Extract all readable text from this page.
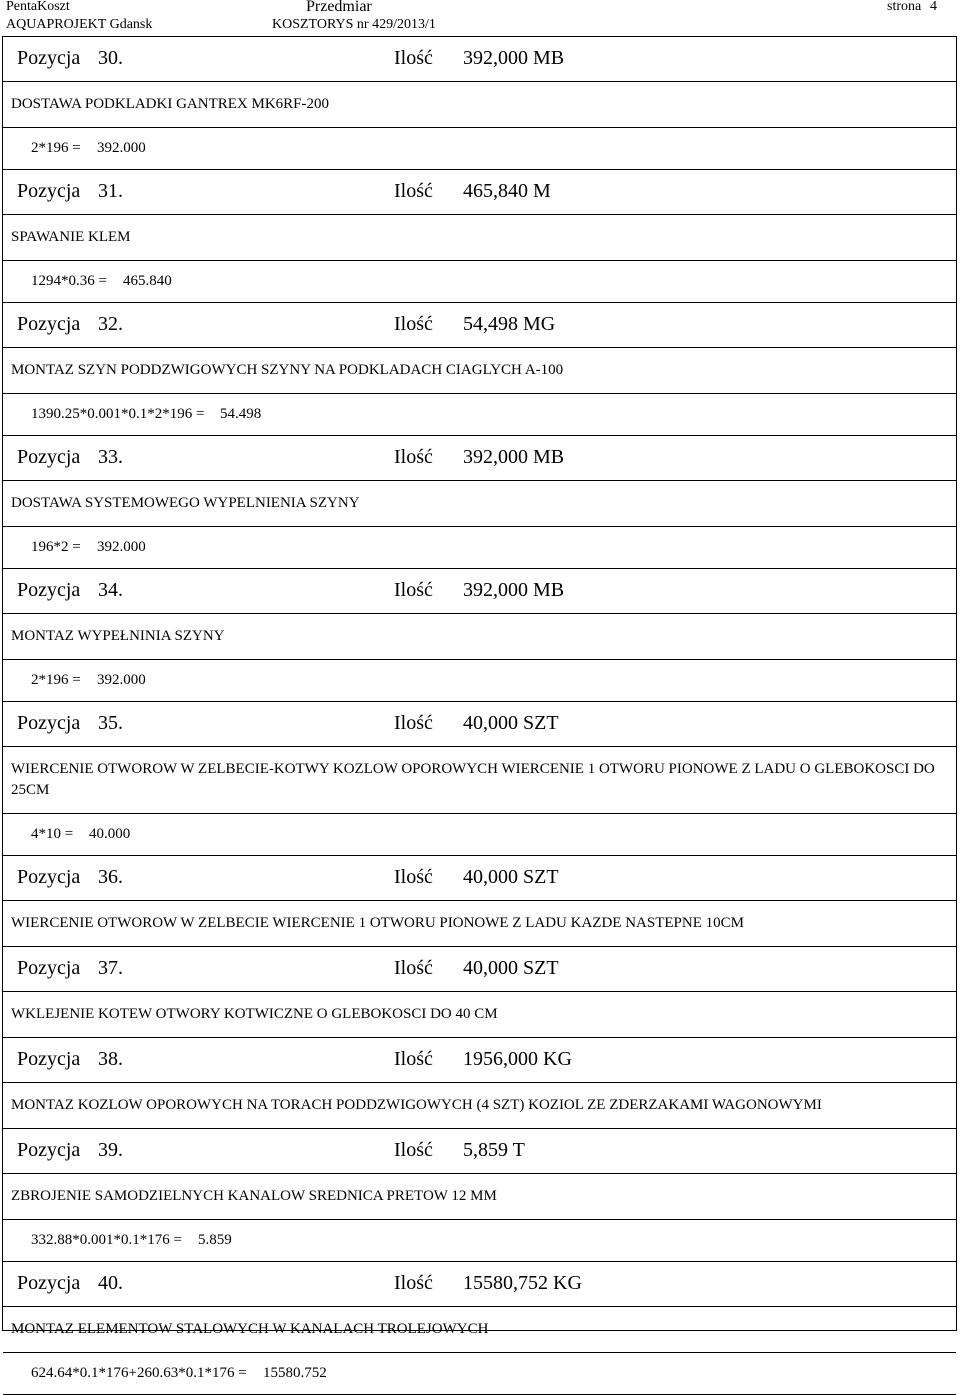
PentaKoszt	Przedmiar	strona 4
AQUAPROJEKT Gdansk	KOSZTORYS nr 429/2013/1
Pozycja 30.	Ilość 392,000 MB
DOSTAWA PODKLADKI GANTREX MK6RF-200
2*196 = 392.000
Pozycja 31.	Ilość 465,840 M
SPAWANIE KLEM
1294*0.36 = 465.840
Pozycja 32.	Ilość 54,498 MG
MONTAZ SZYN PODDZWIGOWYCH SZYNY NA PODKLADACH CIAGLYCH A-100
1390.25*0.001*0.1*2*196 = 54.498
Pozycja 33.	Ilość 392,000 MB
DOSTAWA SYSTEMOWEGO WYPELNIENIA SZYNY
196*2 = 392.000
Pozycja 34.	Ilość 392,000 MB
MONTAZ WYPEŁNINIA SZYNY
2*196 = 392.000
Pozycja 35.	Ilość 40,000 SZT
WIERCENIE OTWOROW W ZELBECIE-KOTWY KOZLOW OPOROWYCH WIERCENIE 1 OTWORU PIONOWE Z LADU O GLEBOKOSCI DO 25CM
4*10 = 40.000
Pozycja 36.	Ilość 40,000 SZT
WIERCENIE OTWOROW W ZELBECIE WIERCENIE 1 OTWORU PIONOWE Z LADU KAZDE NASTEPNE 10CM
Pozycja 37.	Ilość 40,000 SZT
WKLEJENIE KOTEW OTWORY KOTWICZNE O GLEBOKOSCI DO 40 CM
Pozycja 38.	Ilość 1956,000 KG
MONTAZ KOZLOW OPOROWYCH NA TORACH PODDZWIGOWYCH (4 SZT) KOZIOL ZE ZDERZAKAMI WAGONOWYMI
Pozycja 39.	Ilość 5,859 T
ZBROJENIE SAMODZIELNYCH KANALOW SREDNICA PRETOW 12 MM
332.88*0.001*0.1*176 = 5.859
Pozycja 40.	Ilość 15580,752 KG
MONTAZ ELEMENTOW STALOWYCH W KANALACH TROLEJOWYCH
624.64*0.1*176+260.63*0.1*176 = 15580.752
